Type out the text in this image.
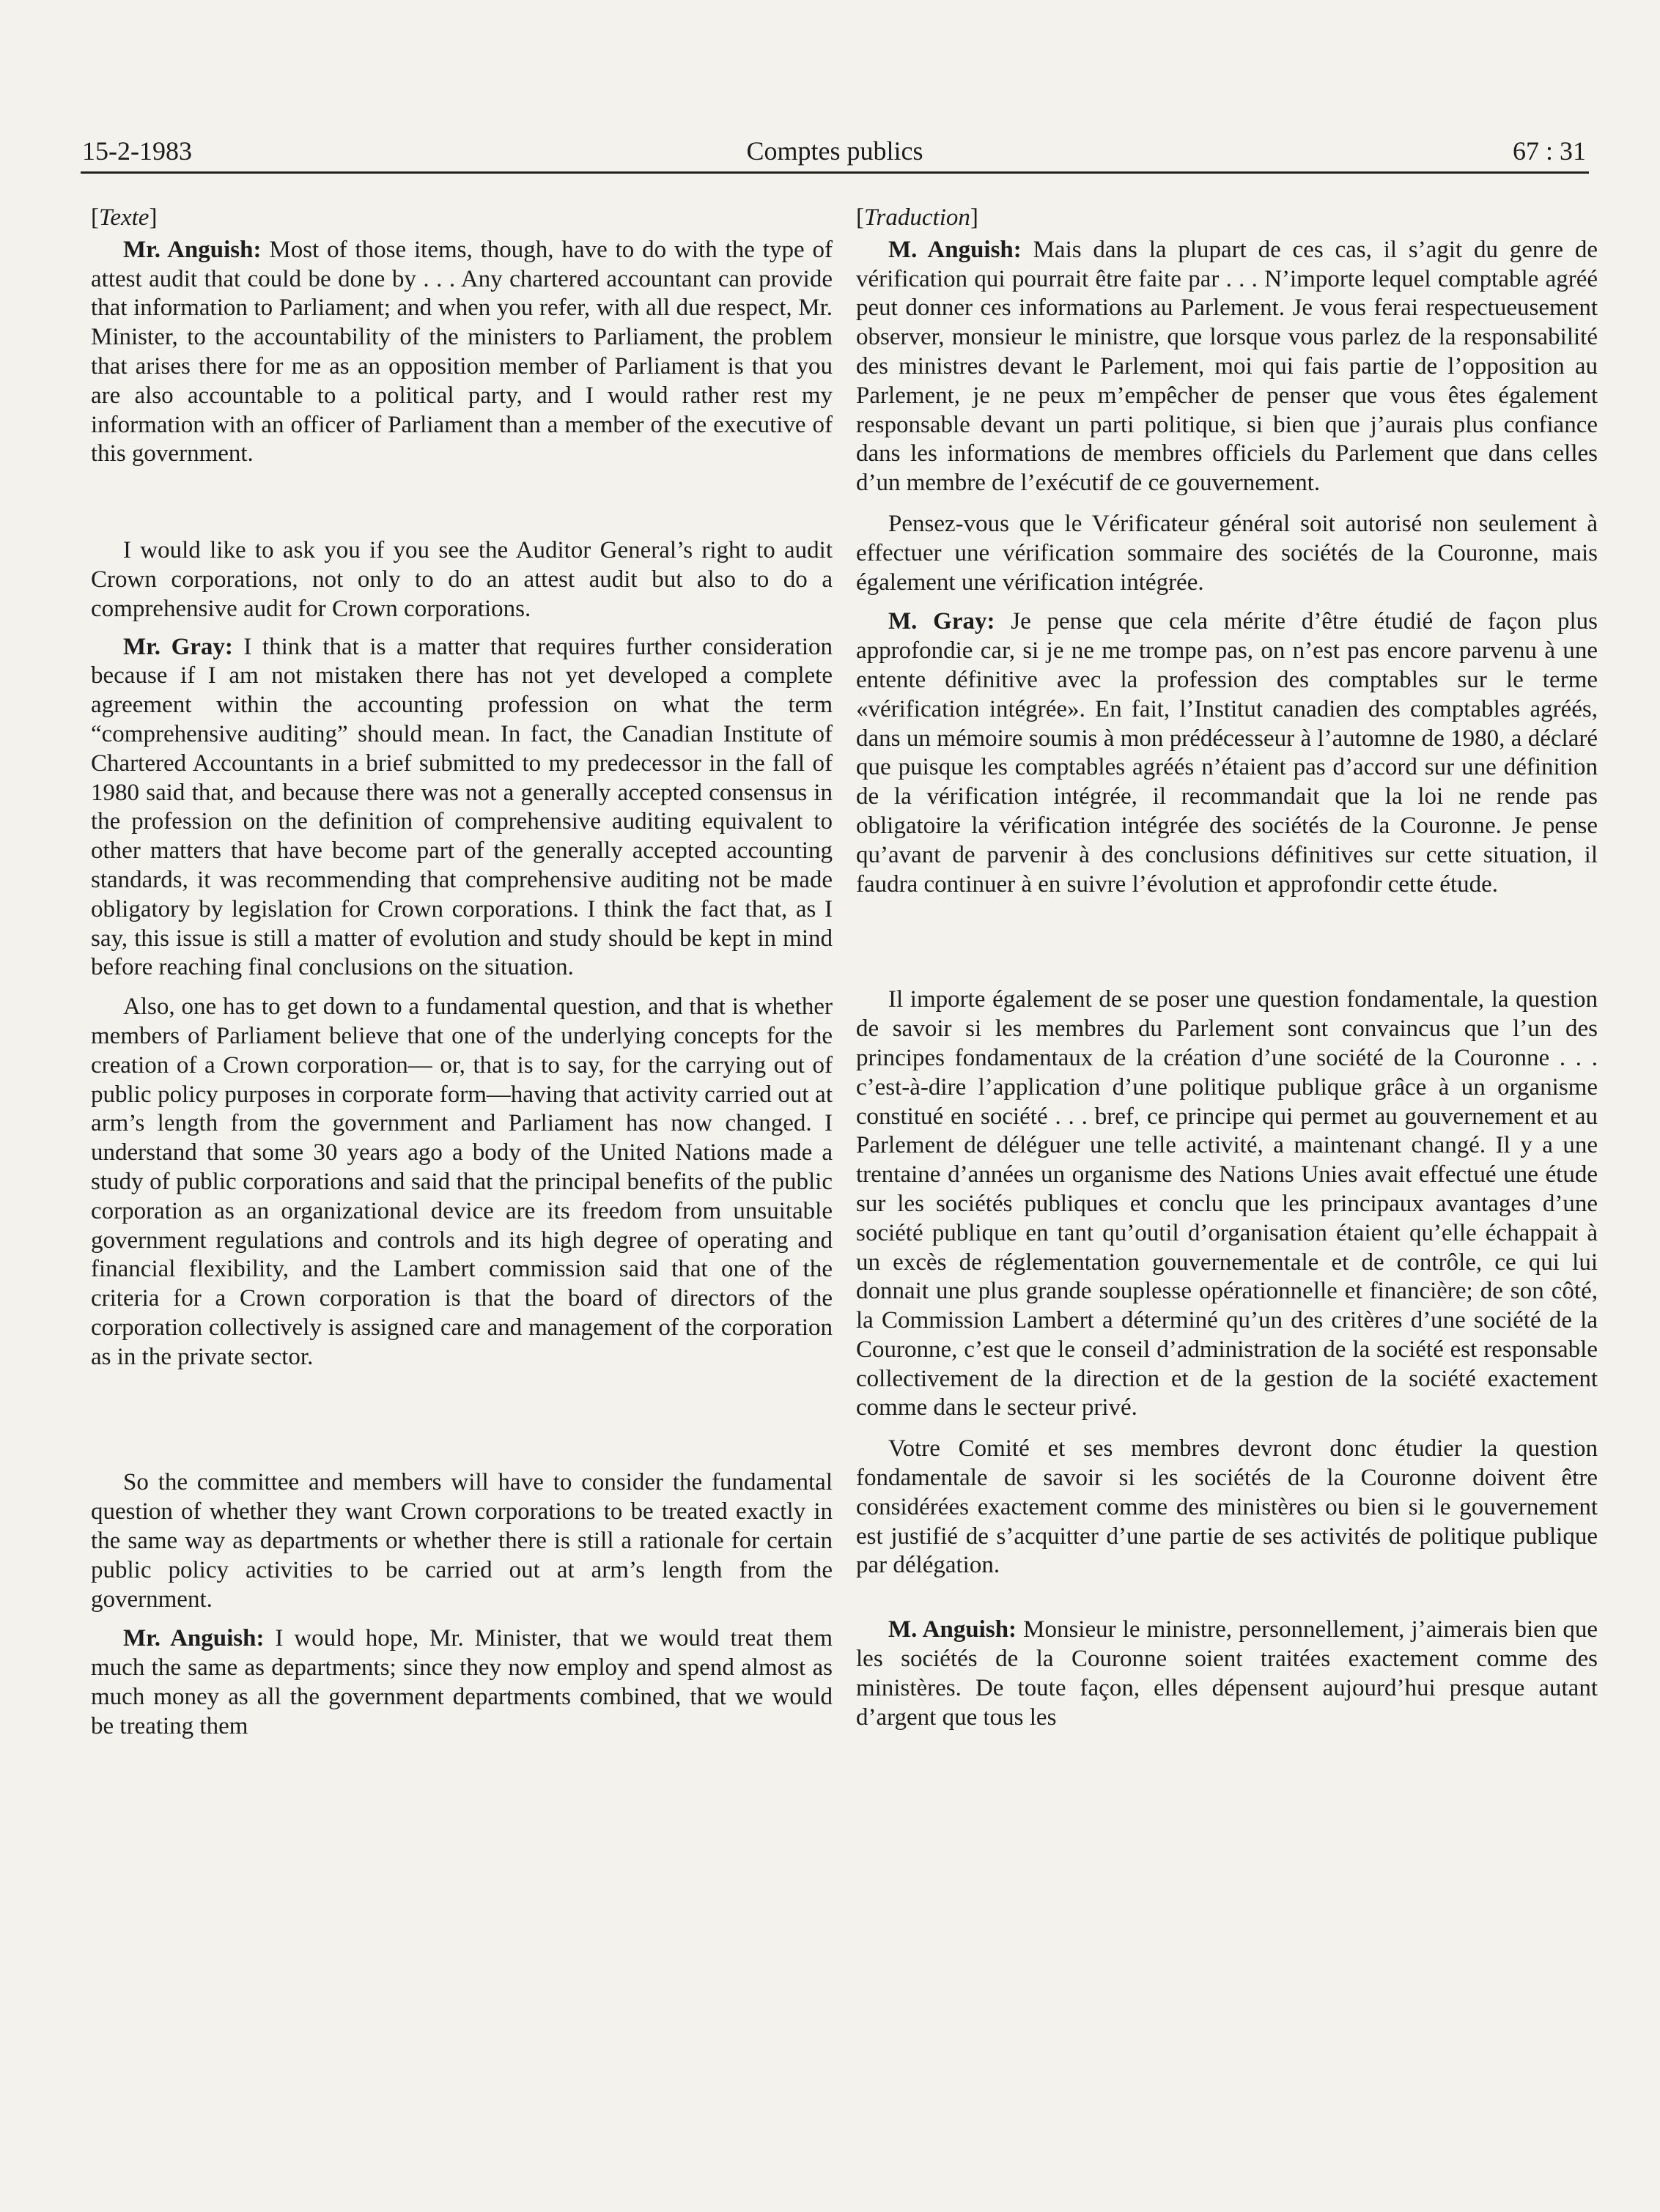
15-2-1983	Comptes publics	67 : 31

[Texte]

Mr. Anguish: Most of those items, though, have to do with the type of attest audit that could be done by . . . Any chartered accountant can provide that information to Parliament; and when you refer, with all due respect, Mr. Minister, to the accountability of the ministers to Parliament, the problem that arises there for me as an opposition member of Parliament is that you are also accountable to a political party, and I would rather rest my information with an officer of Parliament than a member of the executive of this government.

I would like to ask you if you see the Auditor General’s right to audit Crown corporations, not only to do an attest audit but also to do a comprehensive audit for Crown corporations.

Mr. Gray: I think that is a matter that requires further consideration because if I am not mistaken there has not yet developed a complete agreement within the accounting profession on what the term “comprehensive auditing” should mean. In fact, the Canadian Institute of Chartered Accountants in a brief submitted to my predecessor in the fall of 1980 said that, and because there was not a generally accepted consensus in the profession on the definition of comprehensive auditing equivalent to other matters that have become part of the generally accepted accounting standards, it was recommending that comprehensive auditing not be made obligatory by legislation for Crown corporations. I think the fact that, as I say, this issue is still a matter of evolution and study should be kept in mind before reaching final conclusions on the situation.

Also, one has to get down to a fundamental question, and that is whether members of Parliament believe that one of the underlying concepts for the creation of a Crown corporation— or, that is to say, for the carrying out of public policy purposes in corporate form—having that activity carried out at arm’s length from the government and Parliament has now changed. I understand that some 30 years ago a body of the United Nations made a study of public corporations and said that the principal benefits of the public corporation as an organizational device are its freedom from unsuitable government regulations and controls and its high degree of operating and financial flexibility, and the Lambert commission said that one of the criteria for a Crown corporation is that the board of directors of the corporation collectively is assigned care and management of the corporation as in the private sector.

So the committee and members will have to consider the fundamental question of whether they want Crown corporations to be treated exactly in the same way as departments or whether there is still a rationale for certain public policy activities to be carried out at arm’s length from the government.

Mr. Anguish: I would hope, Mr. Minister, that we would treat them much the same as departments; since they now employ and spend almost as much money as all the government departments combined, that we would be treating them

[Traduction]

M. Anguish: Mais dans la plupart de ces cas, il s’agit du genre de vérification qui pourrait être faite par . . . N’importe lequel comptable agréé peut donner ces informations au Parlement. Je vous ferai respectueusement observer, monsieur le ministre, que lorsque vous parlez de la responsabilité des ministres devant le Parlement, moi qui fais partie de l’opposition au Parlement, je ne peux m’empêcher de penser que vous êtes également responsable devant un parti politique, si bien que j’aurais plus confiance dans les informations de membres officiels du Parlement que dans celles d’un membre de l’exécutif de ce gouvernement.

Pensez-vous que le Vérificateur général soit autorisé non seulement à effectuer une vérification sommaire des sociétés de la Couronne, mais également une vérification intégrée.

M. Gray: Je pense que cela mérite d’être étudié de façon plus approfondie car, si je ne me trompe pas, on n’est pas encore parvenu à une entente définitive avec la profession des comptables sur le terme «vérification intégrée». En fait, l’Institut canadien des comptables agréés, dans un mémoire soumis à mon prédécesseur à l’automne de 1980, a déclaré que puisque les comptables agréés n’étaient pas d’accord sur une définition de la vérification intégrée, il recommandait que la loi ne rende pas obligatoire la vérification intégrée des sociétés de la Couronne. Je pense qu’avant de parvenir à des conclusions définitives sur cette situation, il faudra continuer à en suivre l’évolution et approfondir cette étude.

Il importe également de se poser une question fondamentale, la question de savoir si les membres du Parlement sont convaincus que l’un des principes fondamentaux de la création d’une société de la Couronne . . . c’est-à-dire l’application d’une politique publique grâce à un organisme constitué en société . . . bref, ce principe qui permet au gouvernement et au Parlement de déléguer une telle activité, a maintenant changé. Il y a une trentaine d’années un organisme des Nations Unies avait effectué une étude sur les sociétés publiques et conclu que les principaux avantages d’une société publique en tant qu’outil d’organisation étaient qu’elle échappait à un excès de réglementation gouvernementale et de contrôle, ce qui lui donnait une plus grande souplesse opérationnelle et financière; de son côté, la Commission Lambert a déterminé qu’un des critères d’une société de la Couronne, c’est que le conseil d’administration de la société est responsable collectivement de la direction et de la gestion de la société exactement comme dans le secteur privé.

Votre Comité et ses membres devront donc étudier la question fondamentale de savoir si les sociétés de la Couronne doivent être considérées exactement comme des ministères ou bien si le gouvernement est justifié de s’acquitter d’une partie de ses activités de politique publique par délégation.

M. Anguish: Monsieur le ministre, personnellement, j’aimerais bien que les sociétés de la Couronne soient traitées exactement comme des ministères. De toute façon, elles dépensent aujourd’hui presque autant d’argent que tous les
